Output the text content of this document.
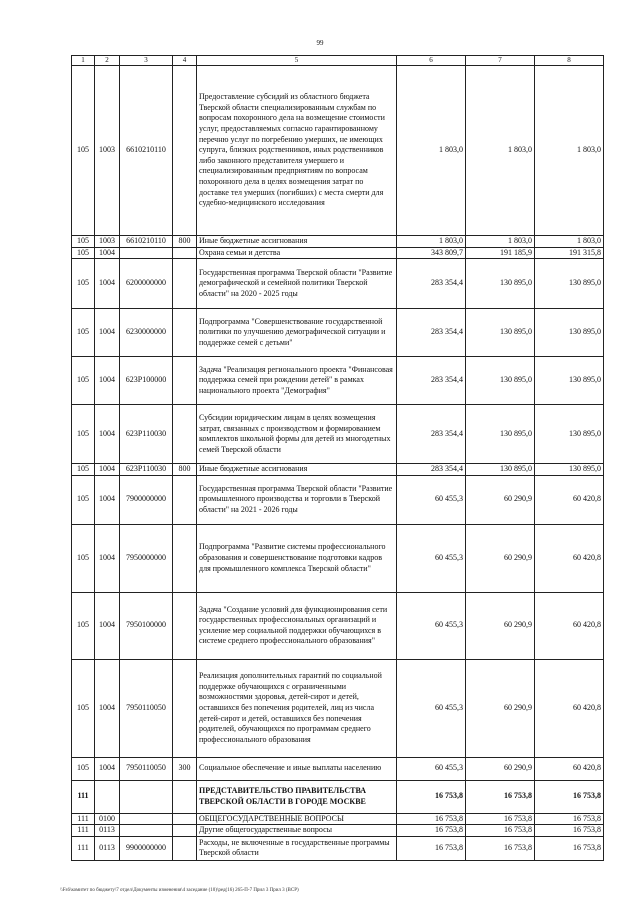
99
1	2	3	4	5	6	7	8
105	1003	6610210110		Предоставление субсидий из областного бюджета Тверской области специализированным службам по вопросам похоронного дела на возмещение стоимости услуг, предоставляемых согласно гарантированному перечню услуг по погребению умерших, не имеющих супруга, близких родственников, иных родственников либо законного представителя умершего и специализированным предприятиям по вопросам похоронного дела в целях возмещения затрат по доставке тел умерших (погибших) с места смерти для судебно-медицинского исследования	1 803,0	1 803,0	1 803,0
105	1003	6610210110	800	Иные бюджетные ассигнования	1 803,0	1 803,0	1 803,0
105	1004			Охрана семьи и детства	343 809,7	191 185,9	191 315,8
105	1004	6200000000		Государственная программа Тверской области "Развитие демографической и семейной политики Тверской области" на 2020 - 2025 годы	283 354,4	130 895,0	130 895,0
105	1004	6230000000		Подпрограмма "Совершенствование государственной политики по улучшению демографической ситуации и поддержке семей с детьми"	283 354,4	130 895,0	130 895,0
105	1004	623P100000		Задача "Реализация регионального проекта "Финансовая поддержка семей при рождении детей" в рамках национального проекта "Демография"	283 354,4	130 895,0	130 895,0
105	1004	623P110030		Субсидии юридическим лицам в целях возмещения затрат, связанных с производством и формированием комплектов школьной формы для детей из многодетных семей Тверской области	283 354,4	130 895,0	130 895,0
105	1004	623P110030	800	Иные бюджетные ассигнования	283 354,4	130 895,0	130 895,0
105	1004	7900000000		Государственная программа Тверской области "Развитие промышленного производства и торговли в Тверской области" на 2021 - 2026 годы	60 455,3	60 290,9	60 420,8
105	1004	7950000000		Подпрограмма "Развитие системы профессионального образования и совершенствование подготовки кадров для промышленного комплекса Тверской области"	60 455,3	60 290,9	60 420,8
105	1004	7950100000		Задача "Создание условий для функционирования сети государственных профессиональных организаций и усиление мер социальной поддержки обучающихся в системе среднего профессионального образования"	60 455,3	60 290,9	60 420,8
105	1004	7950110050		Реализация дополнительных гарантий по социальной поддержке обучающихся с ограниченными возможностями здоровья, детей-сирот и детей, оставшихся без попечения родителей, лиц из числа детей-сирот и детей, оставшихся без попечения родителей, обучающихся по программам среднего профессионального образования	60 455,3	60 290,9	60 420,8
105	1004	7950110050	300	Социальное обеспечение и иные выплаты населению	60 455,3	60 290,9	60 420,8
111				ПРЕДСТАВИТЕЛЬСТВО ПРАВИТЕЛЬСТВА ТВЕРСКОЙ ОБЛАСТИ В ГОРОДЕ МОСКВЕ	16 753,8	16 753,8	16 753,8
111	0100			ОБЩЕГОСУДАРСТВЕННЫЕ ВОПРОСЫ	16 753,8	16 753,8	16 753,8
111	0113			Другие общегосударственные вопросы	16 753,8	16 753,8	16 753,8
111	0113	9900000000		Расходы, не включенные в государственные программы Тверской области	16 753,8	16 753,8	16 753,8
\\Fs6\комитет по бюджету\7 отдел\Документы изменения\4 заседание (10)\ред(16) 265-П-7 Прил 3 Прил 3 (ВСР)
